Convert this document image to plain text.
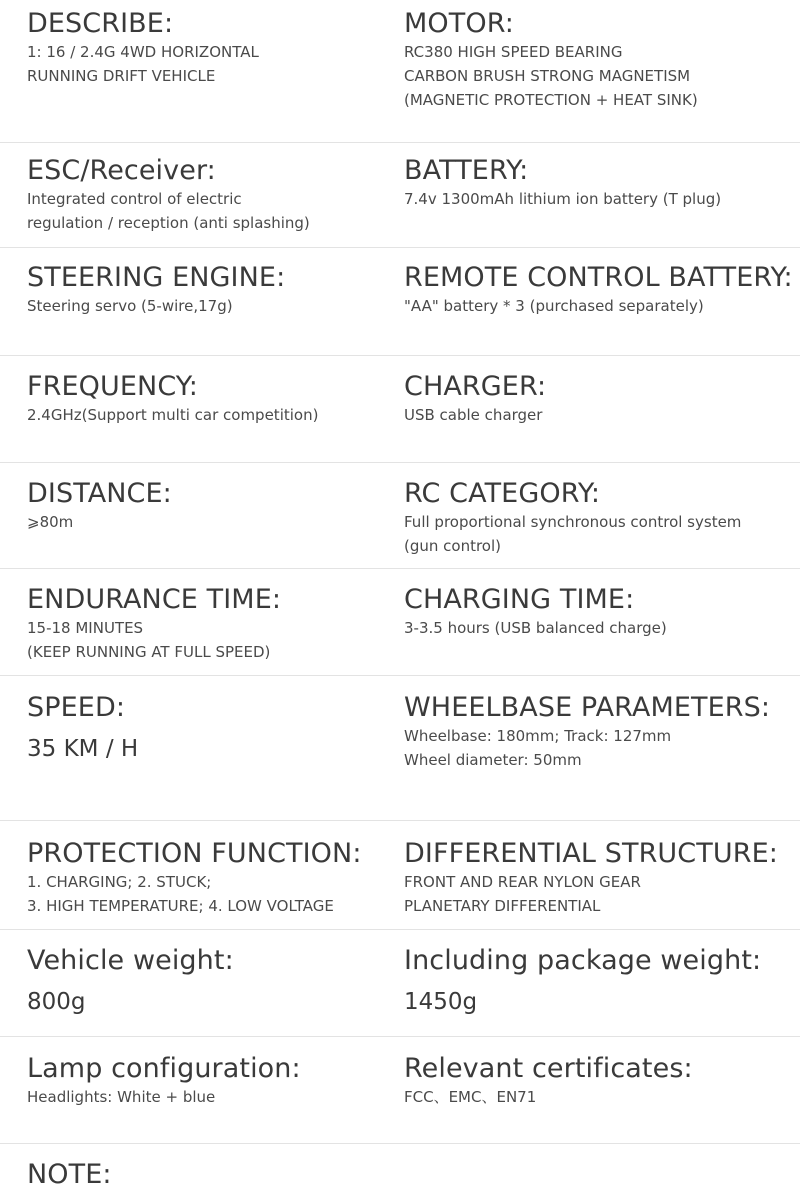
DESCRIBE:
1: 16 / 2.4G 4WD HORIZONTAL
RUNNING DRIFT VEHICLE
MOTOR:
RC380 HIGH SPEED BEARING
CARBON BRUSH STRONG MAGNETISM
(MAGNETIC PROTECTION + HEAT SINK)
ESC/Receiver:
Integrated control of electric
regulation / reception (anti splashing)
BATTERY:
7.4v 1300mAh lithium ion battery (T plug)
STEERING ENGINE:
Steering servo (5-wire,17g)
REMOTE CONTROL BATTERY:
"AA" battery * 3 (purchased separately)
FREQUENCY:
2.4GHz(Support multi car competition)
CHARGER:
USB cable charger
DISTANCE:
⩾80m
RC CATEGORY:
Full proportional synchronous control system
(gun control)
ENDURANCE TIME:
15-18 MINUTES
(KEEP RUNNING AT FULL SPEED)
CHARGING TIME:
3-3.5 hours (USB balanced charge)
SPEED:
35 KM / H
WHEELBASE PARAMETERS:
Wheelbase: 180mm; Track: 127mm
Wheel diameter: 50mm
PROTECTION FUNCTION:
1. CHARGING; 2. STUCK;
3. HIGH TEMPERATURE; 4. LOW VOLTAGE
DIFFERENTIAL STRUCTURE:
FRONT AND REAR NYLON GEAR
PLANETARY DIFFERENTIAL
Vehicle weight:
800g
Including package weight:
1450g
Lamp configuration:
Headlights: White + blue
Relevant certificates:
FCC、EMC、EN71
NOTE:
